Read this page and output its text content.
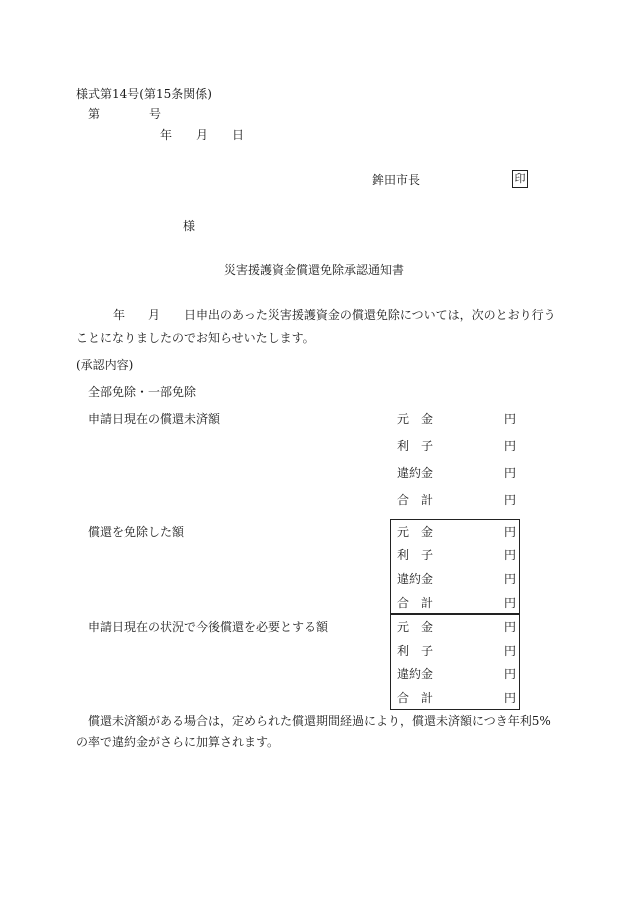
様式第14号(第15条関係)
第	号
年 月 日
鉾田市長	印
様
災害援護資金償還免除承認通知書
年 月 日申出のあった災害援護資金の償還免除については，次のとおり行う
ことになりましたのでお知らせいたします。
(承認内容)
全部免除・一部免除
申請日現在の償還未済額	元　金	円
利　子	円
違約金	円
合　計	円
償還を免除した額	元　金	円
利　子	円
違約金	円
合　計	円
申請日現在の状況で今後償還を必要とする額	元　金	円
利　子	円
違約金	円
合　計	円
償還未済額がある場合は，定められた償還期間経過により，償還未済額につき年利5%
の率で違約金がさらに加算されます。
